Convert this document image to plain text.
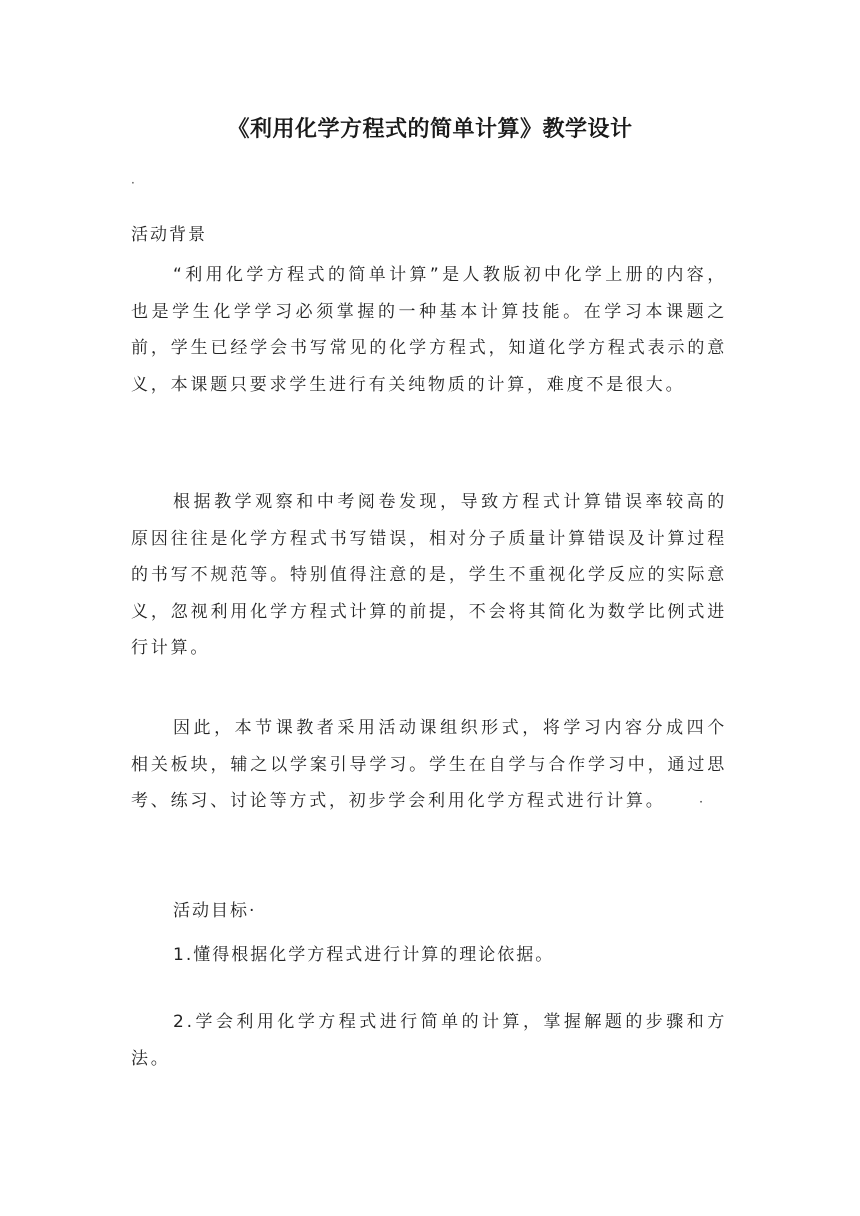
《利用化学方程式的简单计算》教学设计
·
活动背景

“利用化学方程式的简单计算”是人教版初中化学上册的内容，也是学生化学学习必须掌握的一种基本计算技能。在学习本课题之前，学生已经学会书写常见的化学方程式，知道化学方程式表示的意义，本课题只要求学生进行有关纯物质的计算，难度不是很大。

根据教学观察和中考阅卷发现，导致方程式计算错误率较高的原因往往是化学方程式书写错误，相对分子质量计算错误及计算过程的书写不规范等。特别值得注意的是，学生不重视化学反应的实际意义，忽视利用化学方程式计算的前提，不会将其简化为数学比例式进行计算。

因此，本节课教者采用活动课组织形式，将学习内容分成四个相关板块，辅之以学案引导学习。学生在自学与合作学习中，通过思考、练习、讨论等方式，初步学会利用化学方程式进行计算。	·

活动目标·
1.懂得根据化学方程式进行计算的理论依据。

2.学会利用化学方程式进行简单的计算，掌握解题的步骤和方法。
